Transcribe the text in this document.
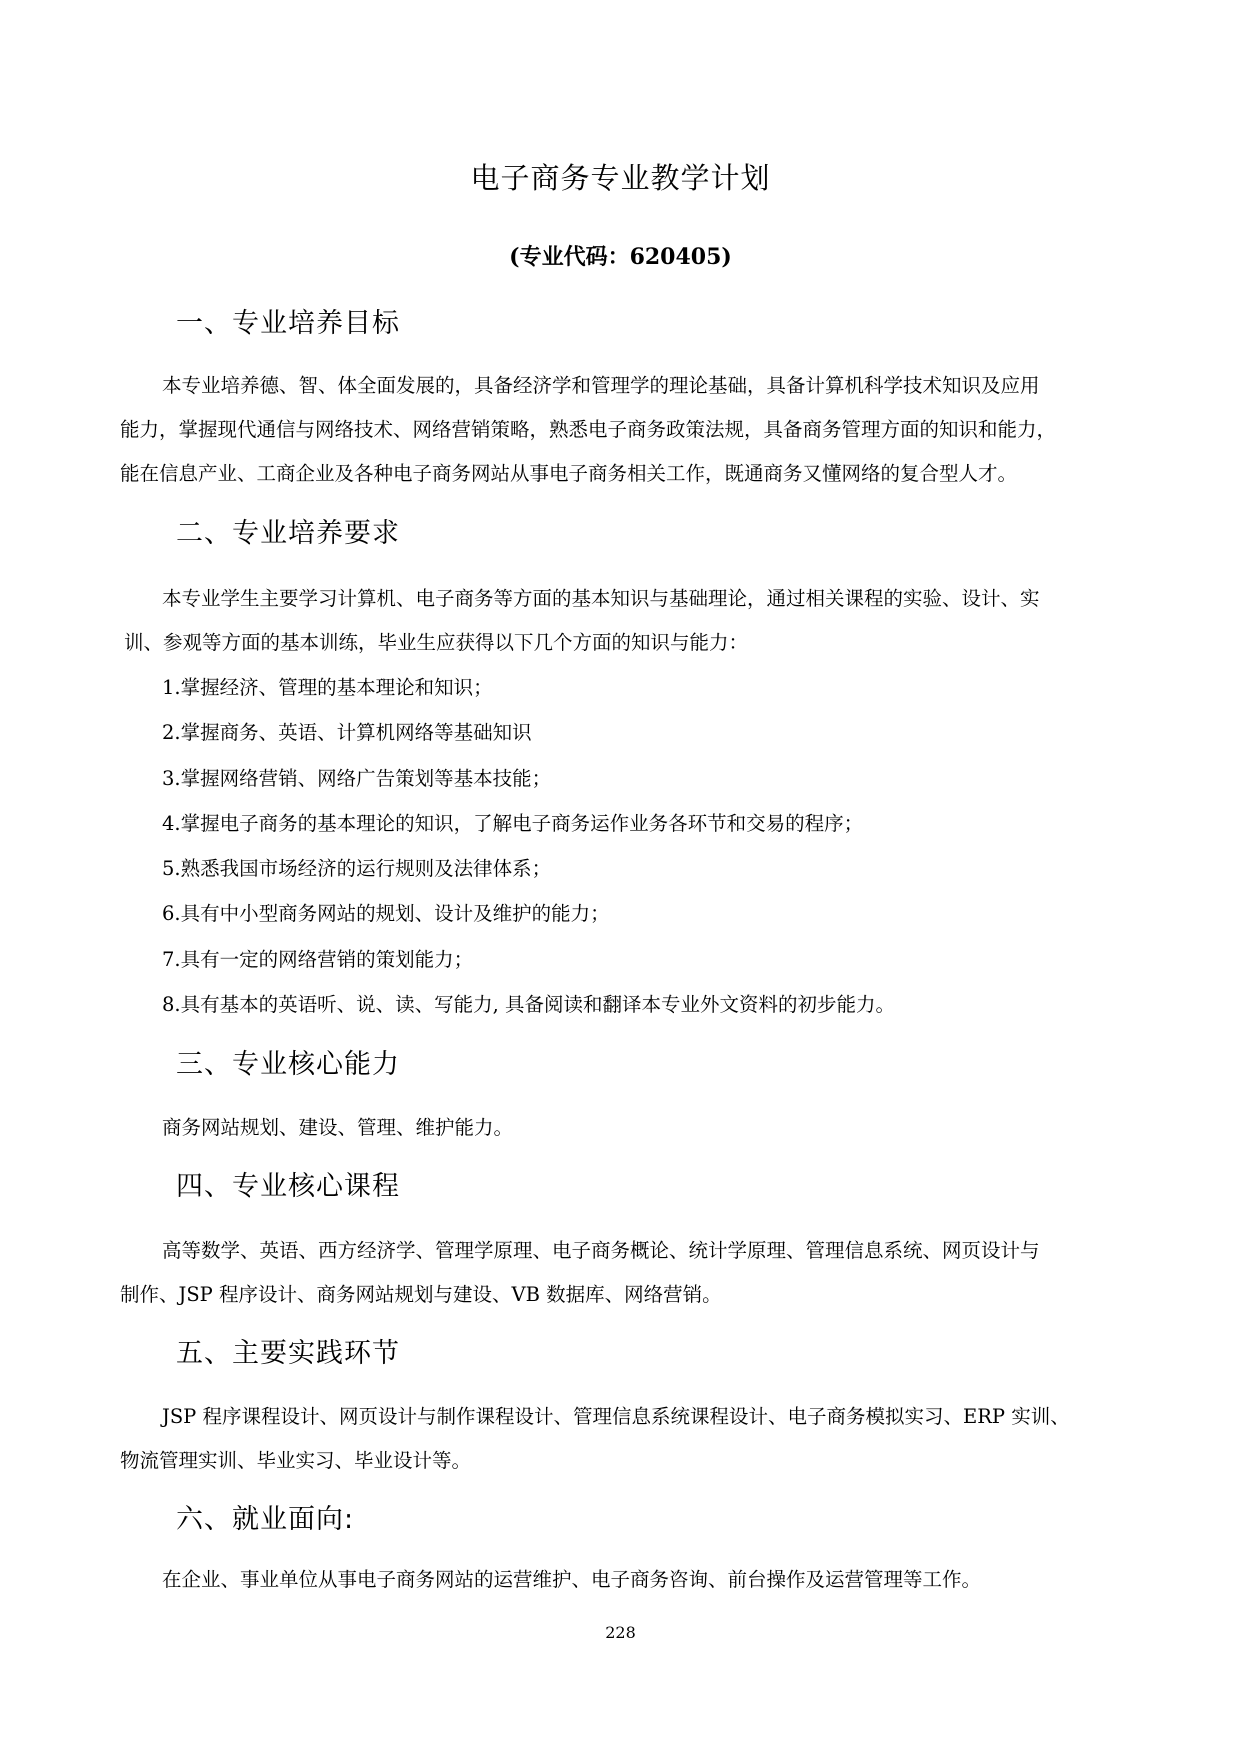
电子商务专业教学计划
(专业代码：620405)
一、专业培养目标
本专业培养德、智、体全面发展的，具备经济学和管理学的理论基础，具备计算机科学技术知识及应用
能力，掌握现代通信与网络技术、网络营销策略，熟悉电子商务政策法规，具备商务管理方面的知识和能力，
能在信息产业、工商企业及各种电子商务网站从事电子商务相关工作，既通商务又懂网络的复合型人才。
二、专业培养要求
本专业学生主要学习计算机、电子商务等方面的基本知识与基础理论，通过相关课程的实验、设计、实
训、参观等方面的基本训练，毕业生应获得以下几个方面的知识与能力：
1.掌握经济、管理的基本理论和知识；
2.掌握商务、英语、计算机网络等基础知识
3.掌握网络营销、网络广告策划等基本技能；
4.掌握电子商务的基本理论的知识，了解电子商务运作业务各环节和交易的程序；
5.熟悉我国市场经济的运行规则及法律体系；
6.具有中小型商务网站的规划、设计及维护的能力；
7.具有一定的网络营销的策划能力；
8.具有基本的英语听、说、读、写能力, 具备阅读和翻译本专业外文资料的初步能力。
三、专业核心能力
商务网站规划、建设、管理、维护能力。
四、专业核心课程
高等数学、英语、西方经济学、管理学原理、电子商务概论、统计学原理、管理信息系统、网页设计与
制作、JSP 程序设计、商务网站规划与建设、VB 数据库、网络营销。
五、主要实践环节
JSP 程序课程设计、网页设计与制作课程设计、管理信息系统课程设计、电子商务模拟实习、ERP 实训、
物流管理实训、毕业实习、毕业设计等。
六、就业面向:
在企业、事业单位从事电子商务网站的运营维护、电子商务咨询、前台操作及运营管理等工作。
228
